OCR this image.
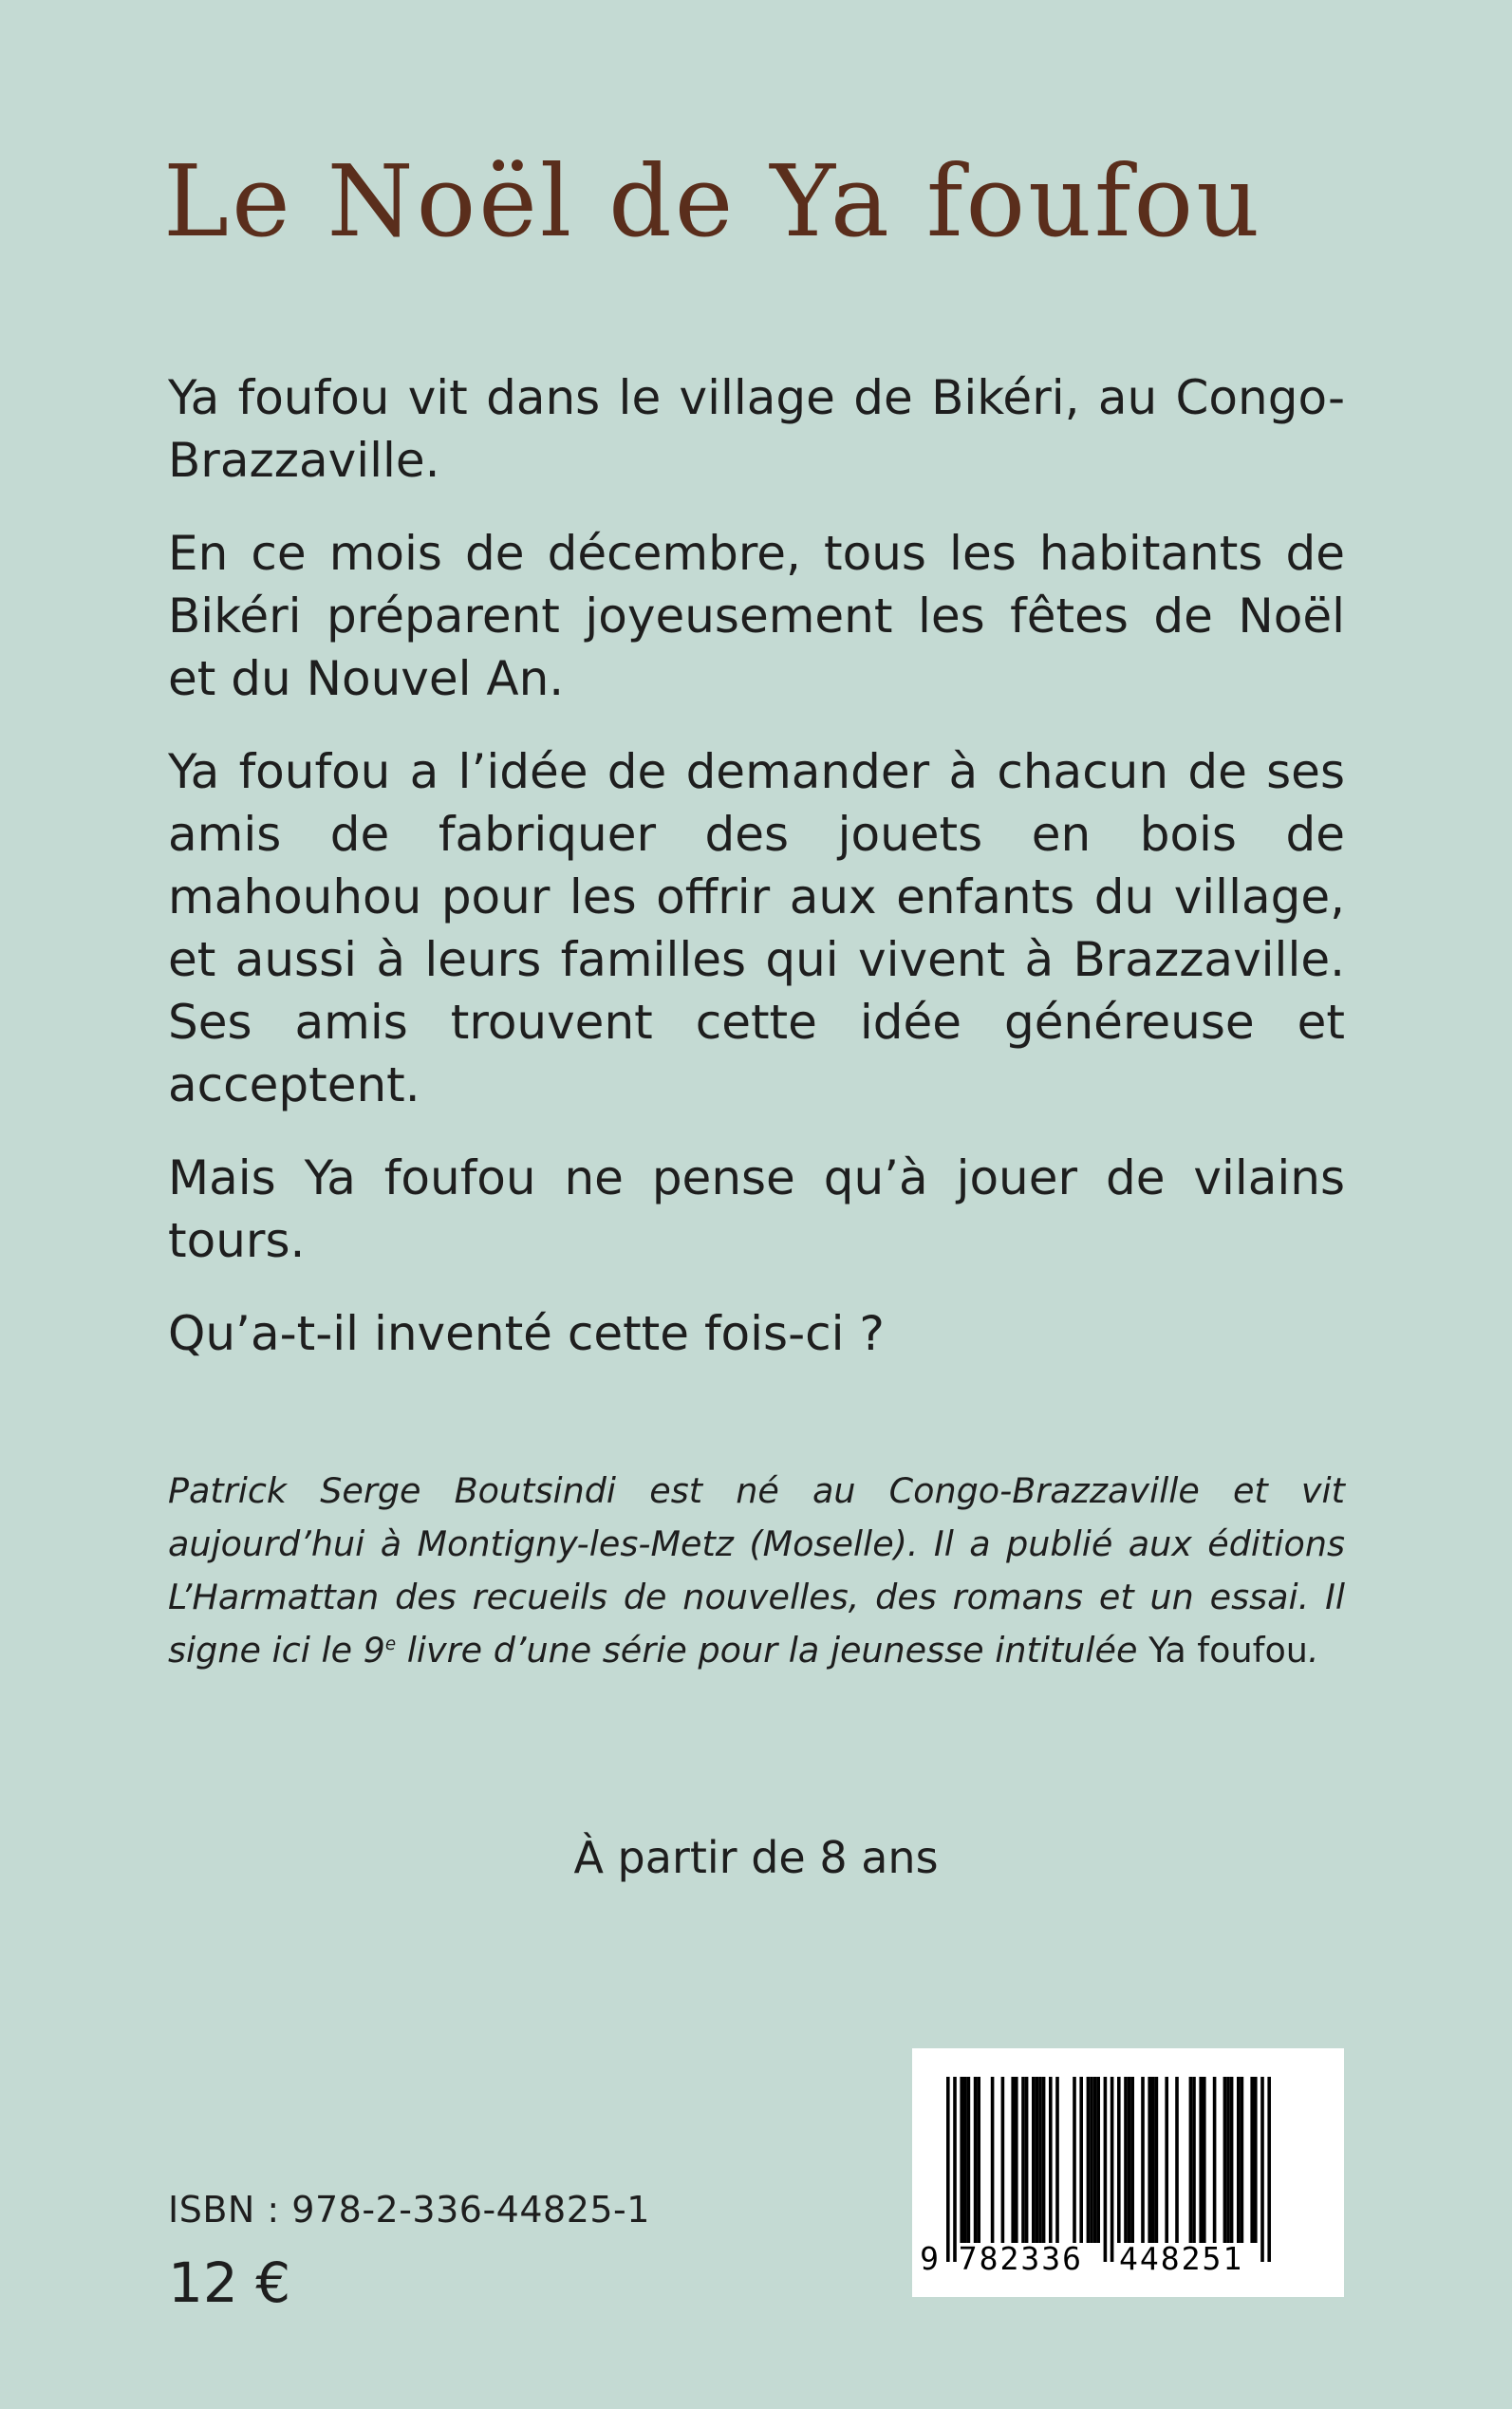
Le Noël de Ya foufou

Ya foufou vit dans le village de Bikéri, au Congo-Brazzaville.

En ce mois de décembre, tous les habitants de Bikéri préparent joyeusement les fêtes de Noël et du Nouvel An.

Ya foufou a l’idée de demander à chacun de ses amis de fabriquer des jouets en bois de mahouhou pour les offrir aux enfants du village, et aussi à leurs familles qui vivent à Brazzaville. Ses amis trouvent cette idée généreuse et acceptent.

Mais Ya foufou ne pense qu’à jouer de vilains tours.

Qu’a-t-il inventé cette fois-ci ?

Patrick Serge Boutsindi est né au Congo-Brazzaville et vit aujourd’hui à Montigny-les-Metz (Moselle). Il a publié aux éditions L’Harmattan des recueils de nouvelles, des romans et un essai. Il signe ici le 9e livre d’une série pour la jeunesse intitulée Ya foufou.
À partir de 8 ans
9 782336 448251
ISBN : 978-2-336-44825-1
12 €
